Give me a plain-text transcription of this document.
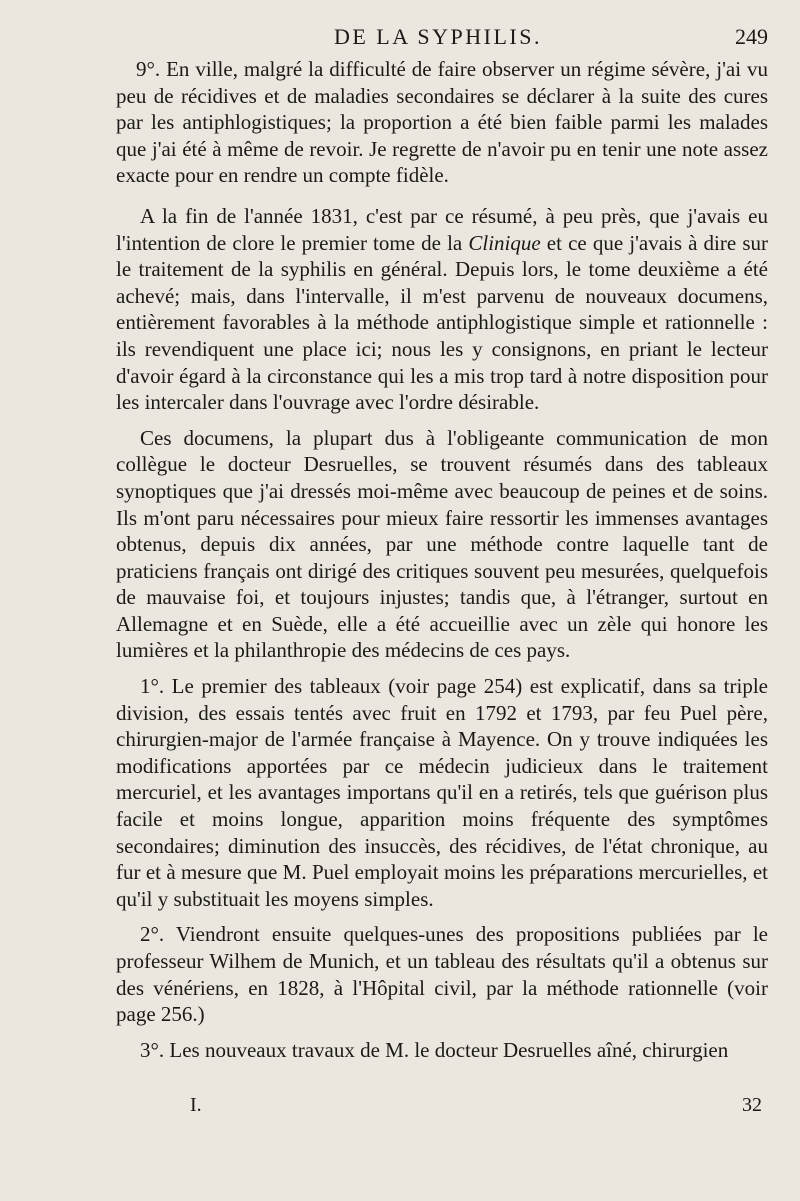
DE LA SYPHILIS.	249

9°. En ville, malgré la difficulté de faire observer un régime sévère, j'ai vu peu de récidives et de maladies secondaires se déclarer à la suite des cures par les antiphlogistiques; la proportion a été bien faible parmi les malades que j'ai été à même de revoir. Je regrette de n'avoir pu en tenir une note assez exacte pour en rendre un compte fidèle.

A la fin de l'année 1831, c'est par ce résumé, à peu près, que j'avais eu l'intention de clore le premier tome de la Clinique et ce que j'avais à dire sur le traitement de la syphilis en général. Depuis lors, le tome deuxième a été achevé; mais, dans l'intervalle, il m'est parvenu de nouveaux documens, entièrement favorables à la méthode antiphlogistique simple et rationnelle : ils revendiquent une place ici; nous les y consignons, en priant le lecteur d'avoir égard à la circonstance qui les a mis trop tard à notre disposition pour les intercaler dans l'ouvrage avec l'ordre désirable.

Ces documens, la plupart dus à l'obligeante communication de mon collègue le docteur Desruelles, se trouvent résumés dans des tableaux synoptiques que j'ai dressés moi-même avec beaucoup de peines et de soins. Ils m'ont paru nécessaires pour mieux faire ressortir les immenses avantages obtenus, depuis dix années, par une méthode contre laquelle tant de praticiens français ont dirigé des critiques souvent peu mesurées, quelquefois de mauvaise foi, et toujours injustes; tandis que, à l'étranger, surtout en Allemagne et en Suède, elle a été accueillie avec un zèle qui honore les lumières et la philanthropie des médecins de ces pays.

1°. Le premier des tableaux (voir page 254) est explicatif, dans sa triple division, des essais tentés avec fruit en 1792 et 1793, par feu Puel père, chirurgien-major de l'armée française à Mayence. On y trouve indiquées les modifications apportées par ce médecin judicieux dans le traitement mercuriel, et les avantages importans qu'il en a retirés, tels que guérison plus facile et moins longue, apparition moins fréquente des symptômes secondaires; diminution des insuccès, des récidives, de l'état chronique, au fur et à mesure que M. Puel employait moins les préparations mercurielles, et qu'il y substituait les moyens simples.

2°. Viendront ensuite quelques-unes des propositions publiées par le professeur Wilhem de Munich, et un tableau des résultats qu'il a obtenus sur des vénériens, en 1828, à l'Hôpital civil, par la méthode rationnelle (voir page 256.)

3°. Les nouveaux travaux de M. le docteur Desruelles aîné, chirurgien

I.	32
